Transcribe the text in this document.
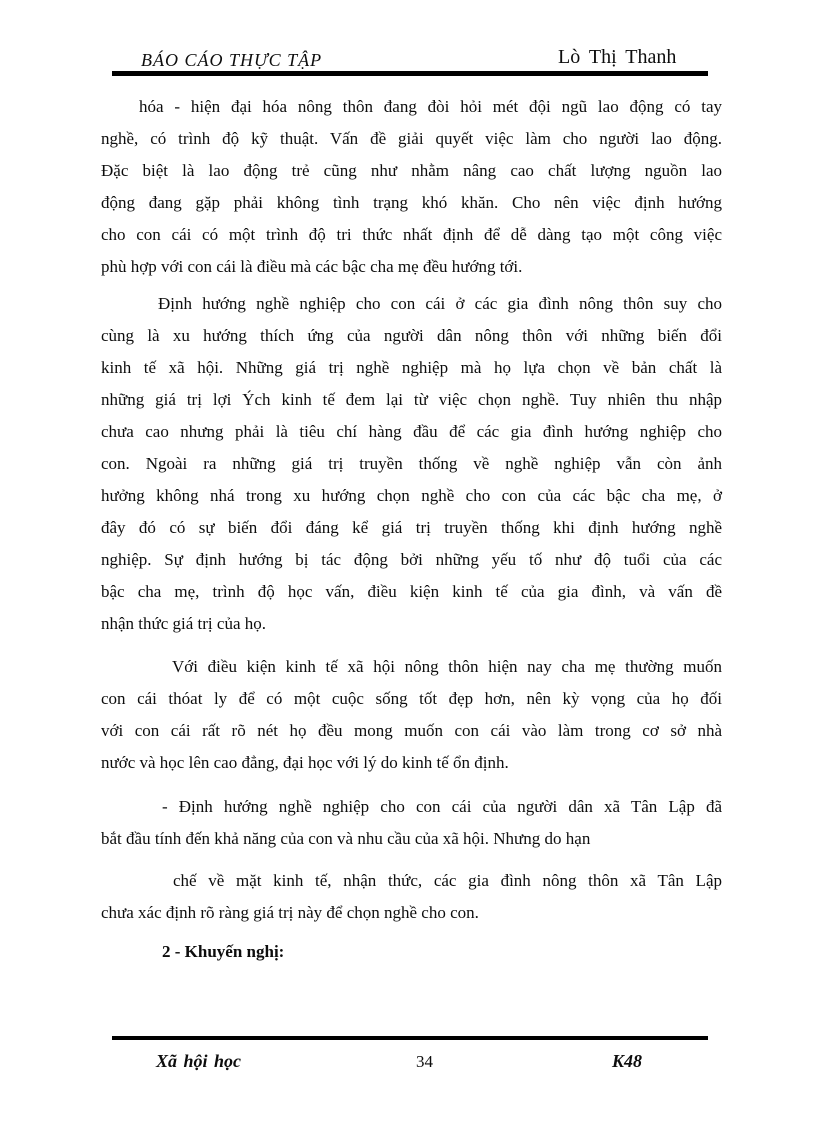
BÁO CÁO THỰC TẬP	Lò Thị Thanh
hóa - hiện đại hóa nông thôn đang đòi hỏi mét đội ngũ lao động có tay
nghề, có trình độ kỹ thuật. Vấn đề giải quyết việc làm cho người lao động.
Đặc biệt là lao động trẻ cũng như nhằm nâng cao chất lượng nguồn lao
động đang gặp phải không tình trạng khó khăn. Cho nên việc định hướng
cho con cái có một trình độ tri thức nhất định để dễ dàng tạo một công việc
phù hợp với con cái là điều mà các bậc cha mẹ đều hướng tới.
Định hướng nghề nghiệp cho con cái ở các gia đình nông thôn suy cho
cùng là xu hướng thích ứng của người dân nông thôn với những biến đổi
kinh tế xã hội. Những giá trị nghề nghiệp mà họ lựa chọn về bản chất là
những giá trị lợi Ých kinh tế đem lại từ việc chọn nghề. Tuy nhiên thu nhập
chưa cao nhưng phải là tiêu chí hàng đầu để các gia đình hướng nghiệp cho
con. Ngoài ra những giá trị truyền thống về nghề nghiệp vẫn còn ảnh
hưởng không nhá trong xu hướng chọn nghề cho con của các bậc cha mẹ, ở
đây đó có sự biến đổi đáng kể giá trị truyền thống khi định hướng nghề
nghiệp. Sự định hướng bị tác động bởi những yếu tố như độ tuổi của các
bậc cha mẹ, trình độ học vấn, điều kiện kinh tế của gia đình, và vấn đề
nhận thức giá trị của họ.
Với điều kiện kinh tế xã hội nông thôn hiện nay cha mẹ thường muốn
con cái thóat ly để có một cuộc sống tốt đẹp hơn, nên kỳ vọng của họ đối
với con cái rất rõ nét họ đều mong muốn con cái vào làm trong cơ sở nhà
nước và học lên cao đẳng, đại học với lý do kinh tế ổn định.
- Định hướng nghề nghiệp cho con cái của người dân xã Tân Lập đã
bắt đầu tính đến khả năng của con và nhu cầu của xã hội. Nhưng do hạn
chế về mặt kinh tế, nhận thức, các gia đình nông thôn xã Tân Lập
chưa xác định rõ ràng giá trị này để chọn nghề cho con.
2 - Khuyến nghị:
Xã hội học	34	K48
